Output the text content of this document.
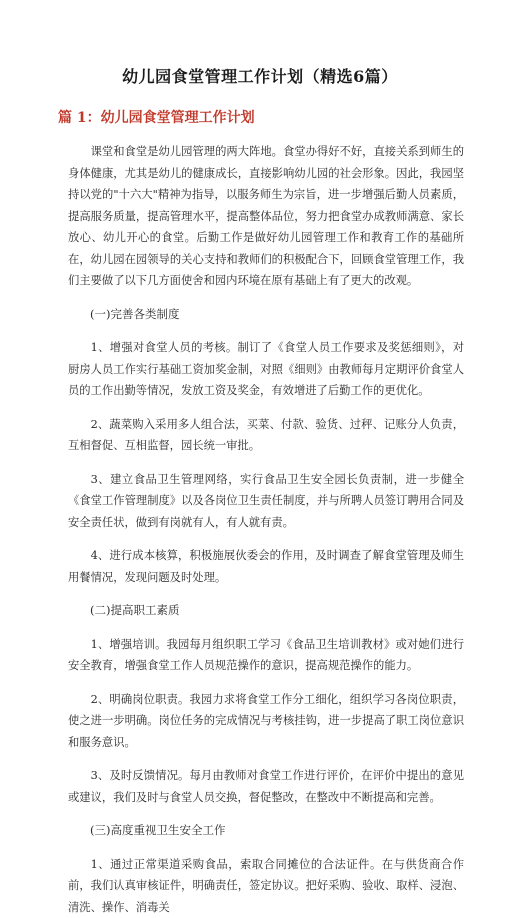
幼儿园食堂管理工作计划（精选6篇）
篇 1：幼儿园食堂管理工作计划

课堂和食堂是幼儿园管理的两大阵地。食堂办得好不好，直接关系到师生的身体健康，尤其是幼儿的健康成长，直接影响幼儿园的社会形象。因此，我园坚持以党的"十六大"精神为指导，以服务师生为宗旨，进一步增强后勤人员素质，提高服务质量，提高管理水平，提高整体品位，努力把食堂办成教师满意、家长放心、幼儿开心的食堂。后勤工作是做好幼儿园管理工作和教育工作的基础所在，幼儿园在园领导的关心支持和教师们的积极配合下，回顾食堂管理工作，我们主要做了以下几方面使舍和园内环境在原有基础上有了更大的改观。

(一)完善各类制度

1、增强对食堂人员的考核。制订了《食堂人员工作要求及奖惩细则》，对厨房人员工作实行基础工资加奖金制，对照《细则》由教师每月定期评价食堂人员的工作出勤等情况，发放工资及奖金，有效增进了后勤工作的更优化。

2、蔬菜购入采用多人组合法，买菜、付款、验货、过秤、记账分人负责，互相督促、互相监督，园长统一审批。

3、建立食品卫生管理网络，实行食品卫生安全园长负责制，进一步健全《食堂工作管理制度》以及各岗位卫生责任制度，并与所聘人员签订聘用合同及安全责任状，做到有岗就有人，有人就有责。

4、进行成本核算，积极施展伙委会的作用，及时调查了解食堂管理及师生用餐情况，发现问题及时处理。

(二)提高职工素质

1、增强培训。我园每月组织职工学习《食品卫生培训教材》或对她们进行安全教育，增强食堂工作人员规范操作的意识，提高规范操作的能力。

2、明确岗位职责。我园力求将食堂工作分工细化，组织学习各岗位职责，使之进一步明确。岗位任务的完成情况与考核挂钩，进一步提高了职工岗位意识和服务意识。

3、及时反馈情况。每月由教师对食堂工作进行评价，在评价中提出的意见或建议，我们及时与食堂人员交换，督促整改，在整改中不断提高和完善。

(三)高度重视卫生安全工作

1、通过正常渠道采购食品，索取合同摊位的合法证件。在与供货商合作前，我们认真审核证件，明确责任，签定协议。把好采购、验收、取样、浸泡、清洗、操作、消毒关
